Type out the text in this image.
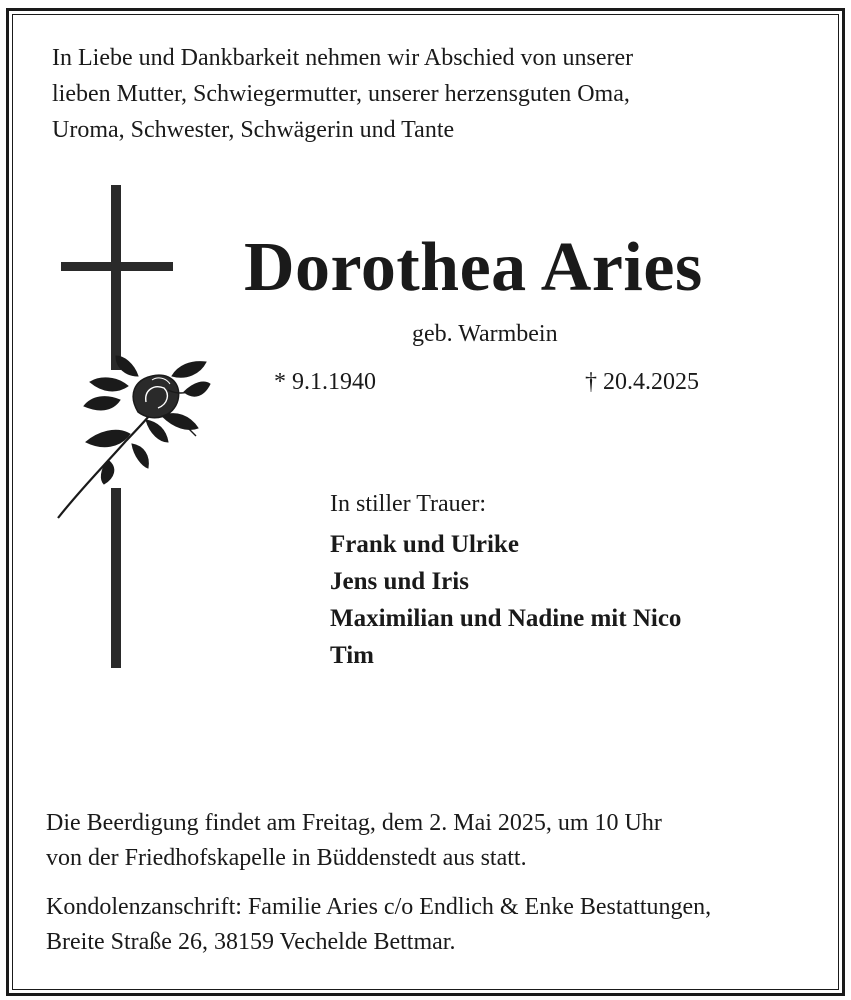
In Liebe und Dankbarkeit nehmen wir Abschied von unserer
lieben Mutter, Schwiegermutter, unserer herzensguten Oma,
Uroma, Schwester, Schwägerin und Tante
Dorothea Aries
geb. Warmbein
* 9.1.1940	† 20.4.2025
In stiller Trauer:
Frank und Ulrike
Jens und Iris
Maximilian und Nadine mit Nico
Tim
Die Beerdigung findet am Freitag, dem 2. Mai 2025, um 10 Uhr
von der Friedhofskapelle in Büddenstedt aus statt.
Kondolenzanschrift: Familie Aries c/o Endlich & Enke Bestattungen,
Breite Straße 26, 38159 Vechelde Bettmar.
